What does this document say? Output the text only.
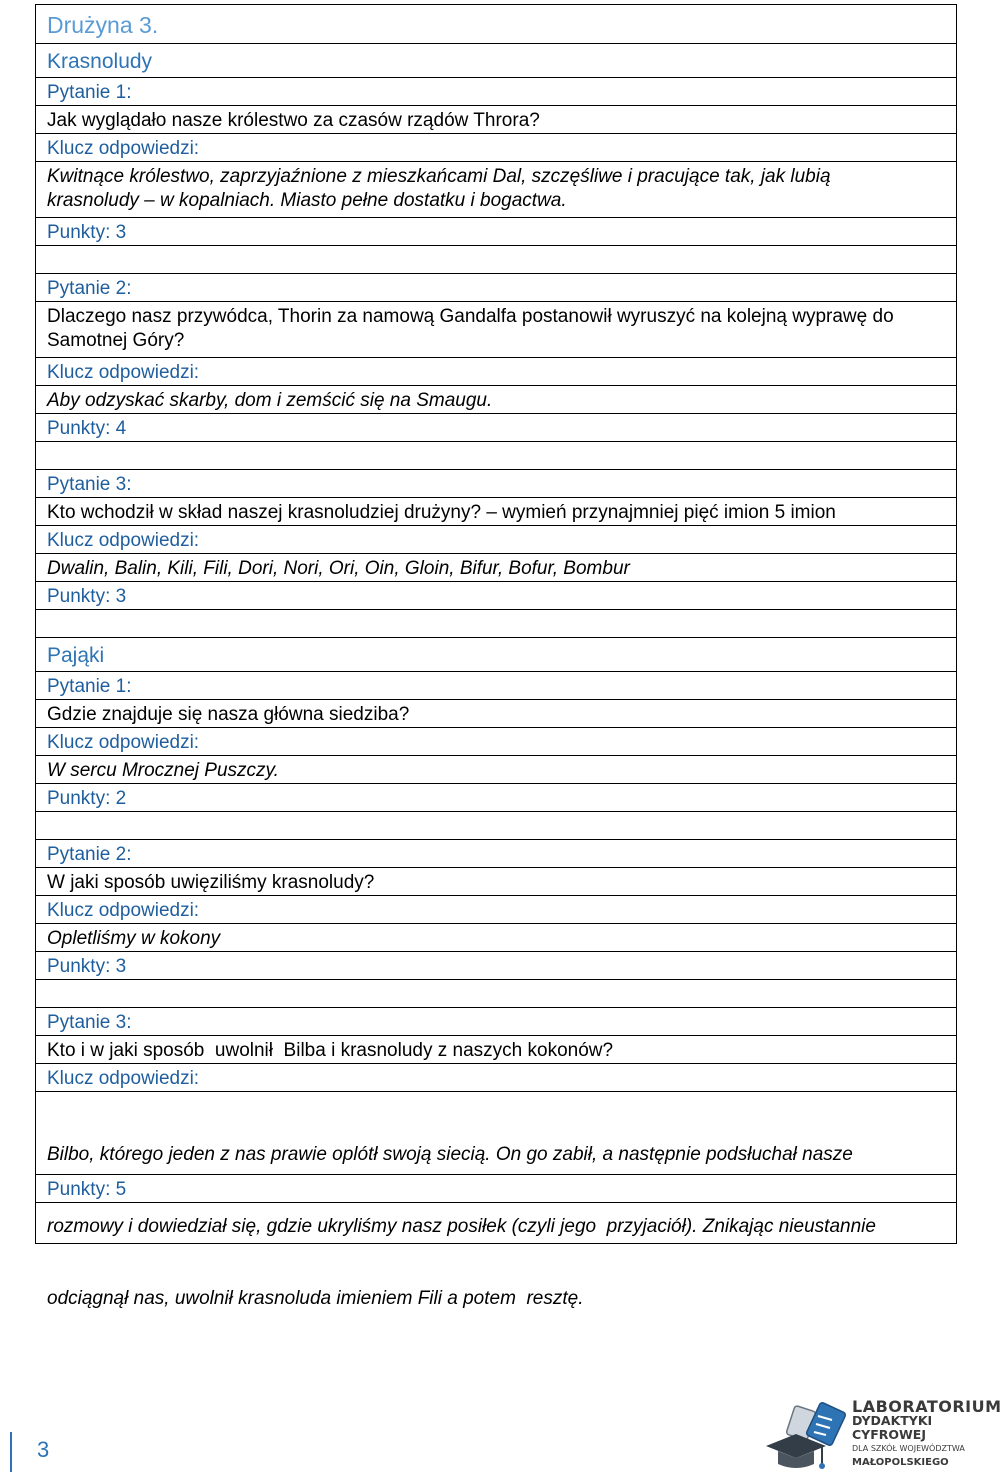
Drużyna 3.
Krasnoludy
Pytanie 1:
Jak wyglądało nasze królestwo za czasów rządów Throra?
Klucz odpowiedzi:
Kwitnące królestwo, zaprzyjaźnione z mieszkańcami Dal, szczęśliwe i pracujące tak, jak lubią
krasnoludy – w kopalniach. Miasto pełne dostatku i bogactwa.
Punkty: 3
Pytanie 2:
Dlaczego nasz przywódca, Thorin za namową Gandalfa postanowił wyruszyć na kolejną wyprawę do
Samotnej Góry?
Klucz odpowiedzi:
Aby odzyskać skarby, dom i zemścić się na Smaugu.
Punkty: 4
Pytanie 3:
Kto wchodził w skład naszej krasnoludziej drużyny? – wymień przynajmniej pięć imion 5 imion
Klucz odpowiedzi:
Dwalin, Balin, Kili, Fili, Dori, Nori, Ori, Oin, Gloin, Bifur, Bofur, Bombur
Punkty: 3
Pająki
Pytanie 1:
Gdzie znajduje się nasza główna siedziba?
Klucz odpowiedzi:
W sercu Mrocznej Puszczy.
Punkty: 2
Pytanie 2:
W jaki sposób uwięziliśmy krasnoludy?
Klucz odpowiedzi:
Opletliśmy w kokony
Punkty: 3
Pytanie 3:
Kto i w jaki sposób  uwolnił  Bilba i krasnoludy z naszych kokonów?
Klucz odpowiedzi:

Bilbo, którego jeden z nas prawie oplótł swoją siecią. On go zabił, a następnie podsłuchał nasze

rozmowy i dowiedział się, gdzie ukryliśmy nasz posiłek (czyli jego  przyjaciół). Znikając nieustannie

odciągnął nas, uwolnił krasnoluda imieniem Fili a potem  resztę.

Punkty: 5
3
LABORATORIUM
DYDAKTYKI CYFROWEJ
DLA SZKÓŁ WOJEWÓDZTWA
MAŁOPOLSKIEGO
